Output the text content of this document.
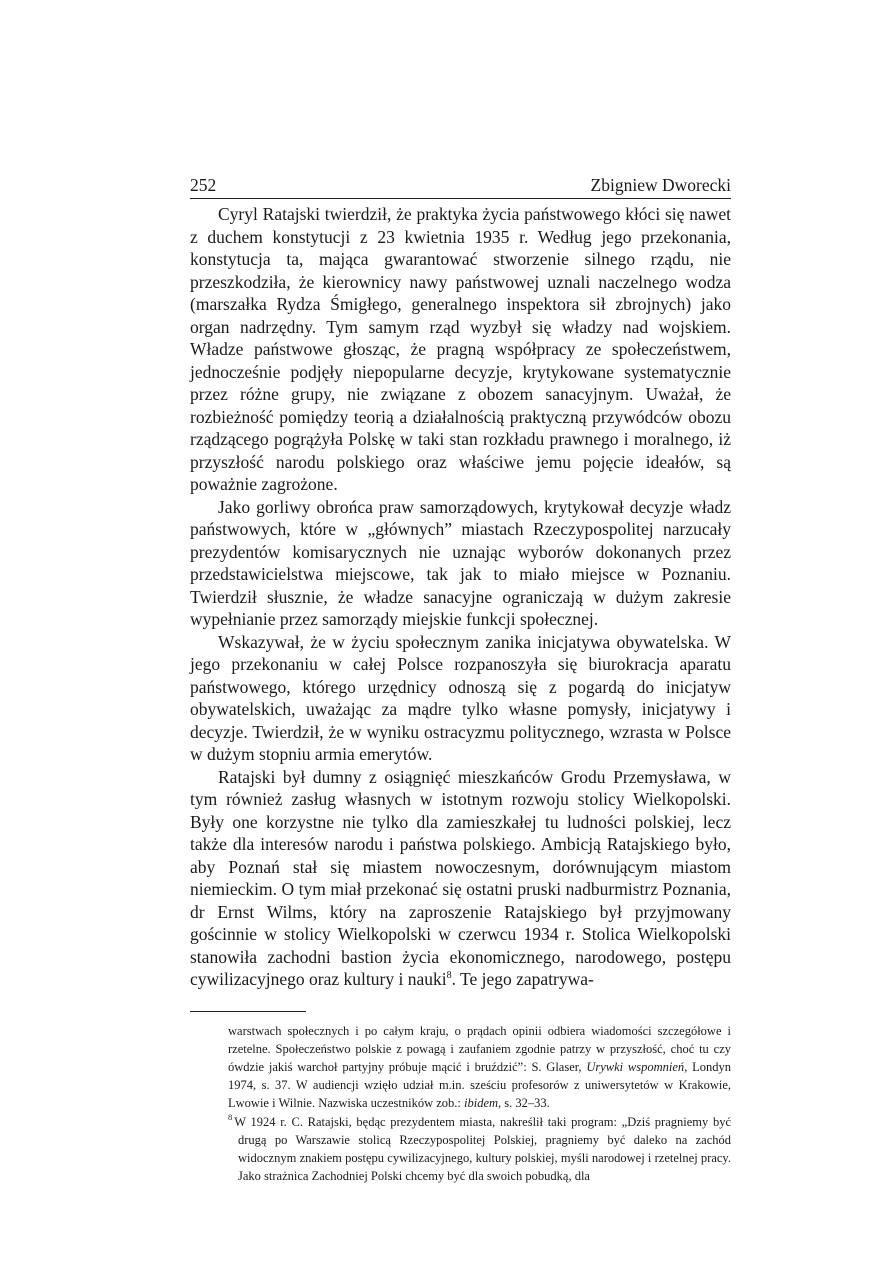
252	Zbigniew Dworecki

Cyryl Ratajski twierdził, że praktyka życia państwowego kłóci się nawet z duchem konstytucji z 23 kwietnia 1935 r. Według jego przekonania, konstytucja ta, mająca gwarantować stworzenie silnego rządu, nie przeszkodziła, że kierownicy nawy państwowej uznali naczelnego wodza (marszałka Rydza Śmigłego, generalnego inspektora sił zbrojnych) jako organ nadrzędny. Tym samym rząd wyzbył się władzy nad wojskiem. Władze państwowe głosząc, że pragną współpracy ze społeczeństwem, jednocześnie podjęły niepopularne decyzje, krytykowane systematycznie przez różne grupy, nie związane z obozem sanacyjnym. Uważał, że rozbieżność pomiędzy teorią a działalnością praktyczną przywódców obozu rządzącego pogrążyła Polskę w taki stan rozkładu prawnego i moralnego, iż przyszłość narodu polskiego oraz właściwe jemu pojęcie ideałów, są poważnie zagrożone.

Jako gorliwy obrońca praw samorządowych, krytykował decyzje władz państwowych, które w „głównych” miastach Rzeczypospolitej narzucały prezydentów komisarycznych nie uznając wyborów dokonanych przez przedstawicielstwa miejscowe, tak jak to miało miejsce w Poznaniu. Twierdził słusznie, że władze sanacyjne ograniczają w dużym zakresie wypełnianie przez samorządy miejskie funkcji społecznej.

Wskazywał, że w życiu społecznym zanika inicjatywa obywatelska. W jego przekonaniu w całej Polsce rozpanoszyła się biurokracja aparatu państwowego, którego urzędnicy odnoszą się z pogardą do inicjatyw obywatelskich, uważając za mądre tylko własne pomysły, inicjatywy i decyzje. Twierdził, że w wyniku ostracyzmu politycznego, wzrasta w Polsce w dużym stopniu armia emerytów.

Ratajski był dumny z osiągnięć mieszkańców Grodu Przemysława, w tym również zasług własnych w istotnym rozwoju stolicy Wielkopolski. Były one korzystne nie tylko dla zamieszkałej tu ludności polskiej, lecz także dla interesów narodu i państwa polskiego. Ambicją Ratajskiego było, aby Poznań stał się miastem nowoczesnym, dorównującym miastom niemieckim. O tym miał przekonać się ostatni pruski nadburmistrz Poznania, dr Ernst Wilms, który na zaproszenie Ratajskiego był przyjmowany gościnnie w stolicy Wielkopolski w czerwcu 1934 r. Stolica Wielkopolski stanowiła zachodni bastion życia ekonomicznego, narodowego, postępu cywilizacyjnego oraz kultury i nauki$^8$. Te jego zapatrywa-

warstwach społecznych i po całym kraju, o prądach opinii odbiera wiadomości szczegółowe i rzetelne. Społeczeństwo polskie z powagą i zaufaniem zgodnie patrzy w przyszłość, choć tu czy ówdzie jakiś warchoł partyjny próbuje mącić i bruździć”: S. Glaser, Urywki wspomnień, Londyn 1974, s. 37. W audiencji wzięło udział m.in. sześciu profesorów z uniwersytetów w Krakowie, Lwowie i Wilnie. Nazwiska uczestników zob.: ibidem, s. 32–33.

$^8$ W 1924 r. C. Ratajski, będąc prezydentem miasta, nakreślił taki program: „Dziś pragniemy być drugą po Warszawie stolicą Rzeczypospolitej Polskiej, pragniemy być daleko na zachód widocznym znakiem postępu cywilizacyjnego, kultury polskiej, myśli narodowej i rzetelnej pracy. Jako strażnica Zachodniej Polski chcemy być dla swoich pobudką, dla
